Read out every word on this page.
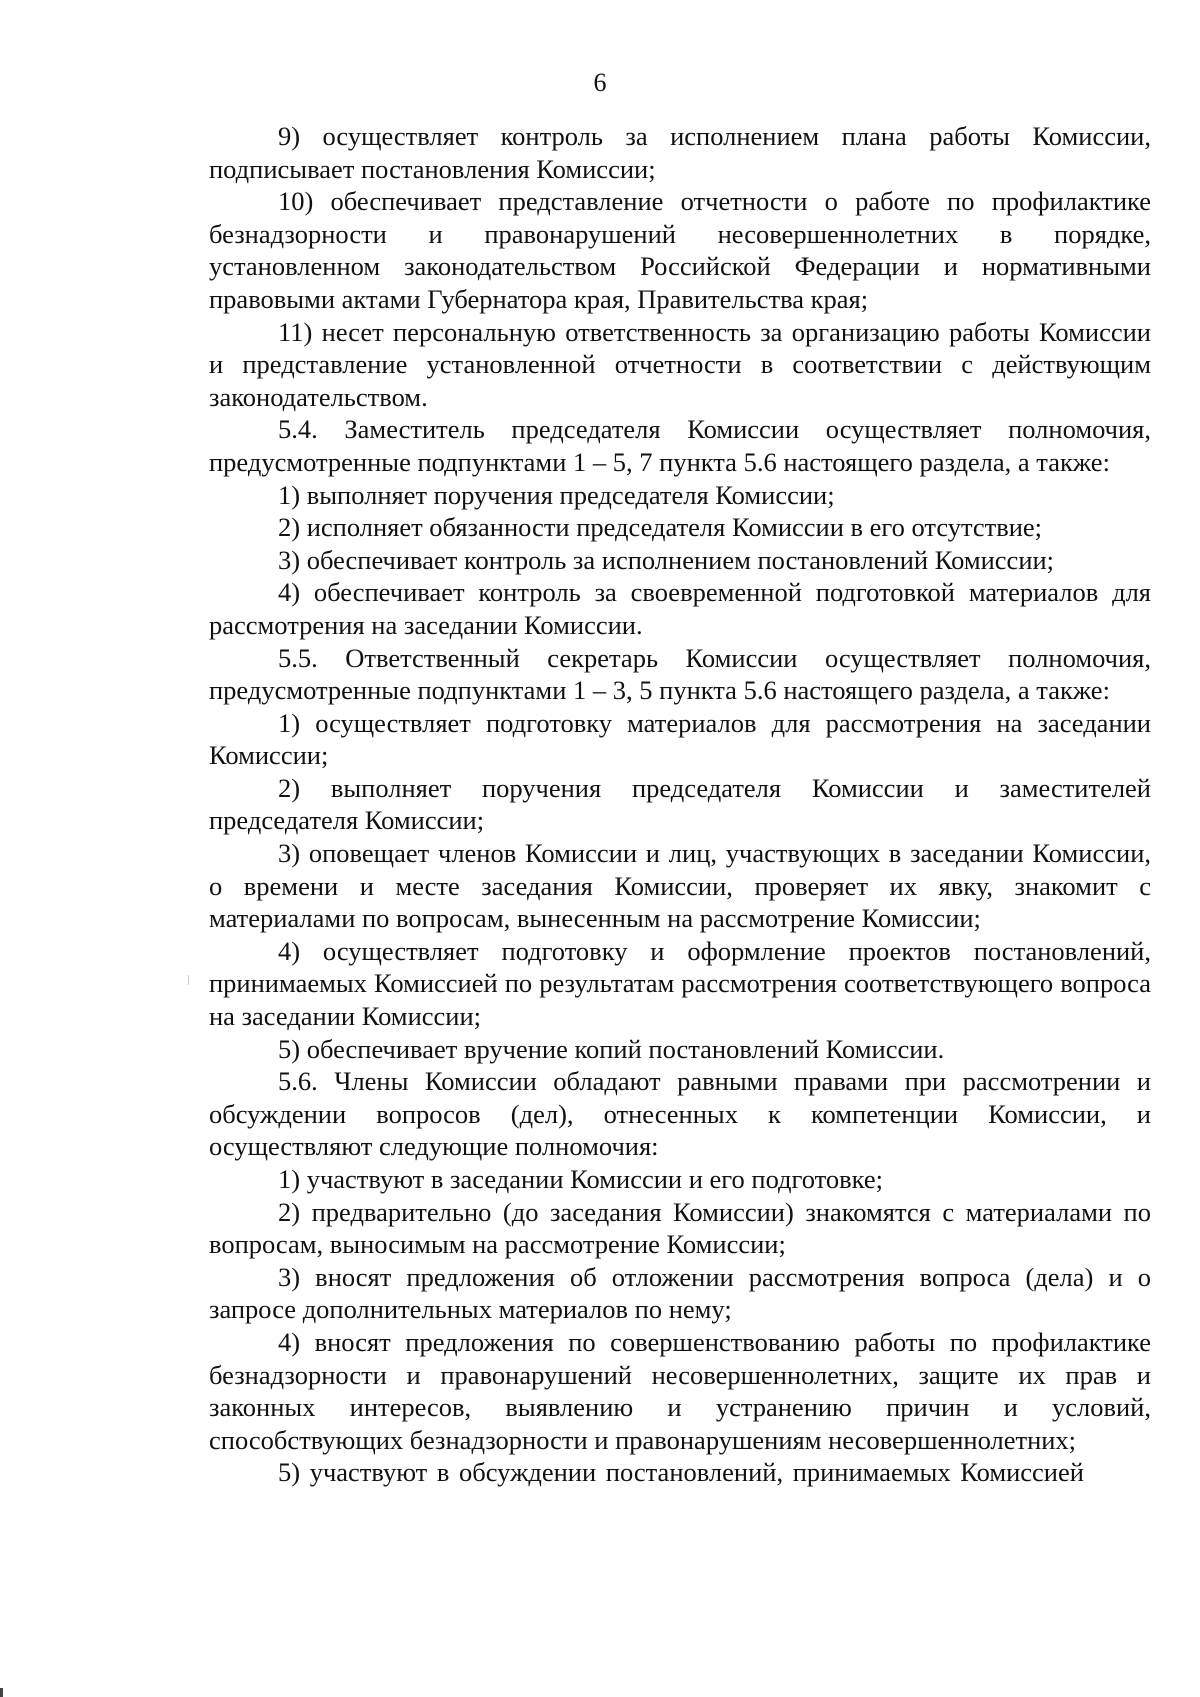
6

9) осуществляет контроль за исполнением плана работы Комиссии, подписывает постановления Комиссии;

10) обеспечивает представление отчетности о работе по профилактике безнадзорности и правонарушений несовершеннолетних в порядке, установленном законодательством Российской Федерации и нормативными правовыми актами Губернатора края, Правительства края;

11) несет персональную ответственность за организацию работы Комиссии и представление установленной отчетности в соответствии с действующим законодательством.

5.4. Заместитель председателя Комиссии осуществляет полномочия, предусмотренные подпунктами 1 – 5, 7 пункта 5.6 настоящего раздела, а также:

1) выполняет поручения председателя Комиссии;

2) исполняет обязанности председателя Комиссии в его отсутствие;

3) обеспечивает контроль за исполнением постановлений Комиссии;

4) обеспечивает контроль за своевременной подготовкой материалов для рассмотрения на заседании Комиссии.

5.5. Ответственный секретарь Комиссии осуществляет полномочия, предусмотренные подпунктами 1 – 3, 5 пункта 5.6 настоящего раздела, а также:

1) осуществляет подготовку материалов для рассмотрения на заседании Комиссии;

2) выполняет поручения председателя Комиссии и заместителей председателя Комиссии;

3) оповещает членов Комиссии и лиц, участвующих в заседании Комиссии, о времени и месте заседания Комиссии, проверяет их явку, знакомит с материалами по вопросам, вынесенным на рассмотрение Комиссии;

4) осуществляет подготовку и оформление проектов постановлений, принимаемых Комиссией по результатам рассмотрения соответствующего вопроса на заседании Комиссии;

5) обеспечивает вручение копий постановлений Комиссии.

5.6. Члены Комиссии обладают равными правами при рассмотрении и обсуждении вопросов (дел), отнесенных к компетенции Комиссии, и осуществляют следующие полномочия:

1) участвуют в заседании Комиссии и его подготовке;

2) предварительно (до заседания Комиссии) знакомятся с материалами по вопросам, выносимым на рассмотрение Комиссии;

3) вносят предложения об отложении рассмотрения вопроса (дела) и о запросе дополнительных материалов по нему;

4) вносят предложения по совершенствованию работы по профилактике безнадзорности и правонарушений несовершеннолетних, защите их прав и законных интересов, выявлению и устранению причин и условий, способствующих безнадзорности и правонарушениям несовершеннолетних;

5) участвуют в обсуждении постановлений, принимаемых Комиссией
